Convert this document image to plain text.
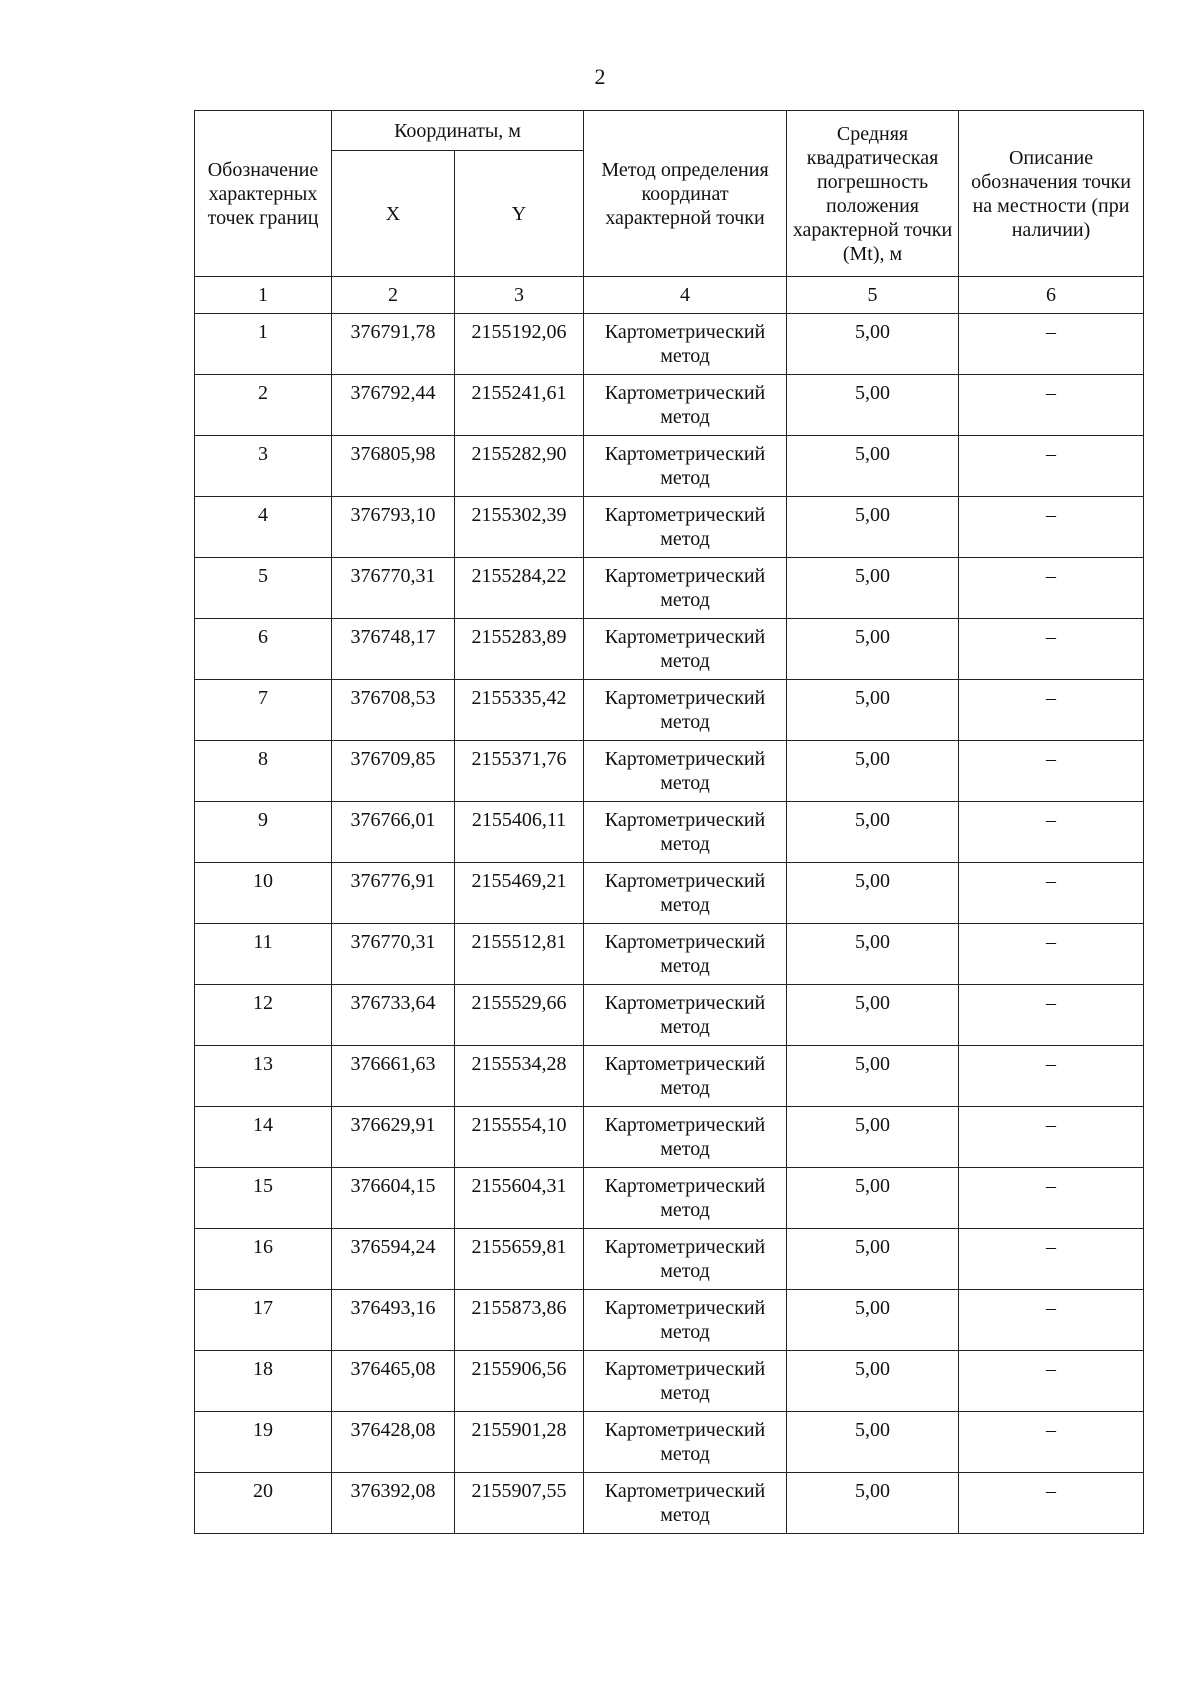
2
Обозначение характерных точек границ	Координаты, м		Метод определения координат характерной точки	Средняя квадратическая погрешность положения характерной точки (Mt), м	Описание обозначения точки на местности (при наличии)
	X	Y			
1	2	3	4	5	6
1	376791,78	2155192,06	Картометрический метод	5,00	–
2	376792,44	2155241,61	Картометрический метод	5,00	–
3	376805,98	2155282,90	Картометрический метод	5,00	–
4	376793,10	2155302,39	Картометрический метод	5,00	–
5	376770,31	2155284,22	Картометрический метод	5,00	–
6	376748,17	2155283,89	Картометрический метод	5,00	–
7	376708,53	2155335,42	Картометрический метод	5,00	–
8	376709,85	2155371,76	Картометрический метод	5,00	–
9	376766,01	2155406,11	Картометрический метод	5,00	–
10	376776,91	2155469,21	Картометрический метод	5,00	–
11	376770,31	2155512,81	Картометрический метод	5,00	–
12	376733,64	2155529,66	Картометрический метод	5,00	–
13	376661,63	2155534,28	Картометрический метод	5,00	–
14	376629,91	2155554,10	Картометрический метод	5,00	–
15	376604,15	2155604,31	Картометрический метод	5,00	–
16	376594,24	2155659,81	Картометрический метод	5,00	–
17	376493,16	2155873,86	Картометрический метод	5,00	–
18	376465,08	2155906,56	Картометрический метод	5,00	–
19	376428,08	2155901,28	Картометрический метод	5,00	–
20	376392,08	2155907,55	Картометрический метод	5,00	–
